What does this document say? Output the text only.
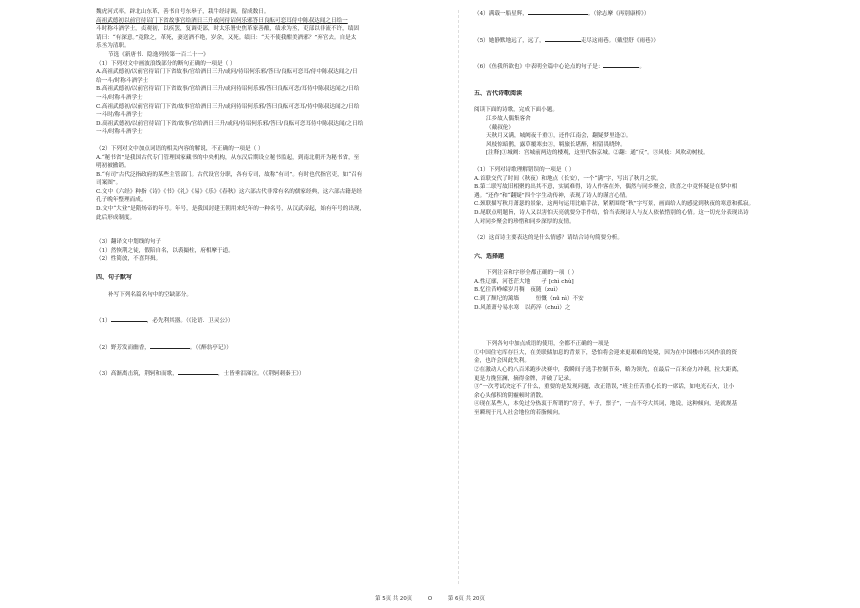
魏虎河式率，辟北山东革，善书自号东皋子，栽牛经诗调，留成数日。
高祖武德初以前官待诏门下省故事官给酒日三升或问待诏何乐邪答曰良酝可恋耳侍中陈叔达闻之日给一
斗时称斗酒学士，贞观初，以疾罢，复调吏部，时太乐署史焦革家善酿，绩求为丞，吏部以非流不许，绩固
请曰：“有深意。”竟除之，革死，妻送酒不绝，岁余，又死。绩曰：“天不使我酣美酒邪？”弃官去。自是太
乐丞为清职。
节选《新唐书．隐逸列传第一百二十一》
（1）下列对文中画波浪线部分的断句正确的一项是（ ）
A.高祖武德初/以前官待诏门下省故事/官给酒日三升/或问/待诏何乐邪/答曰/良酝可恋耳/侍中陈叔达闻之/日
给一斗/时称斗酒学士
B.高祖武德初/以前官待诏门下省故事/官给酒日三升/或问待诏何乐邪/答曰良酝可恋/耳侍中陈叔达闻之/日给
一斗/时称斗酒学士
C.高祖武德初/以前官待诏门下省/故事官给酒日三升/或问待诏何乐邪/答曰良酝可恋耳/侍中陈叔达闻之/日给
一斗时/称斗酒学士
D.高祖武德初/以前官待诏门下省/故事/官给酒日三升/或问/待诏何乐邪/答曰/良酝可恋耳侍中陈叔达闻/之日给
一斗/时称斗酒学士
（2）下列对文中加点词语的相关内容的解说，不正确的一项是（ ）
A.“秘书省”是我国古代专门管理国家藏书的中央机构，从东汉后期设立秘书监起，到南北朝开为秘书省，至
明初被撤销。
B.“有司”古代泛指政府的某些主管部门。古代设官分职，各有专司，故称“有司”。有时也代指官吏，如“召有
司案图”。
C.文中《六经》种指《诗》《书》《礼》《易》《乐》《春秋》这六部古代非常有名的儒家经典，这六部古籍是经
孔子晚年整理而成。
D.文中“大业”是隋炀帝的年号。年号，是我国封建王朝用来纪年的一种名号，从汉武帝起，始有年号的出现，
此后形成制度。
（3）翻译文中划线的句子
（1）然恢荆之徒，假陪自名，以裘撮柱，府相摩于道。
（2）性简放，不喜拜揖。
四、句子默写
补写下列名篇名句中的空缺部分。
（1）	，必先利其器。（《论语．卫灵公》）
（2）野芳发而幽香，	。（《醉翁亭记》）
（3）高渐离击筑，荆轲和而歌，	，士皆垂泪涕泣。（《荆轲刺秦王》）
（4）满载一船星辉，	。（徐志摩《再别康桥》）
（5）她静默地远了，远了，	走尽这雨巷。（戴望舒《雨巷》）
（6）《鱼我所欲也》中表明全篇中心论点的句子是：	。
五、古代诗歌阅读
阅读下面的诗歌，完成下面小题。
江乡故人偶集客舍
（戴叔伦）
天秋月又满，城阙夜千重①，还作江南会，翻疑梦里逢②。
风枝惊暗鹊，露草覆寒虫③，羁旅长堪醉，相留畏晓钟。
[注释]①城阙：宫城前两边的楼观，这里代指京城。②翻：通“反”。③风枝：风吹动树枝。
（1）下列对诗歌理解错误的一项是（ ）
A.首联交代了时间（秋夜）和地点（长安），一个“满”字，写出了秋月之状。
B.第二联写故旧相聚的出其不意，实属难得，诗人作客在外，偶然与同乡聚会，欣喜之中竟怀疑是在梦中相
遇。“还作”和“翻疑”四个字生动传神，表现了诗人的谨言心情。
C.颈联描写秋月萧瑟的景象，这两句运用比喻手法，紧紧围绕“秋”字写景，画面给人的感觉到秋夜的寒意和孤寂。
D.尾联点明题旨，诗人又以害怕天亮就要分手作结，恰当表现诗人与友人依依惜别的心情。这一切充分表现出诗
人对同乡聚会的珍惜和同乡深厚的友情。
（2）这首诗主要表达的是什么情感？请结合诗句简要分析。
六、选择题
下列注音和字形全都正确的一项（ ）
A.性辽廓，河苍茫大地　　孑 [chì chù]
B.忆往昔峥嵘岁月稠　夜随（zuì）
C.到了颓圮的篱墙　　　恒慨（nǚ nì）不安
D.风萧萧兮易水寒　以药淬（chuì）之
下列各句中加点成语的使用，全都不正确的一项是
①中国住宅库存巨大，在美联储加息的背景下，恐怕将会迎来更艰难的处境，因为在中国楼市兴风作浪的资
金，也许会因此失利。
②在激动人心的八百米跑步决赛中，我瞬间子选手控制节奏，略为领先，在最后一百米奋力冲刺，拉大距离，
更是力挽狂澜，摘得金牌，并破了记录。
③“一次考试决定不了什么，重要的是发现问题，改正错误，”班主任苦重心长的一席话，如电光石火，让小
余心头郁积的阴霾顿时消散。
④现在某些人，本免过分热衷于所谓的“房子，车子，票子”，一点不夸大其词，地说，这种倾向，是就规基
至瞬现于凡人社会地位的若脂倾向。
第 5页 共 20页	O	第 6页 共 20页
